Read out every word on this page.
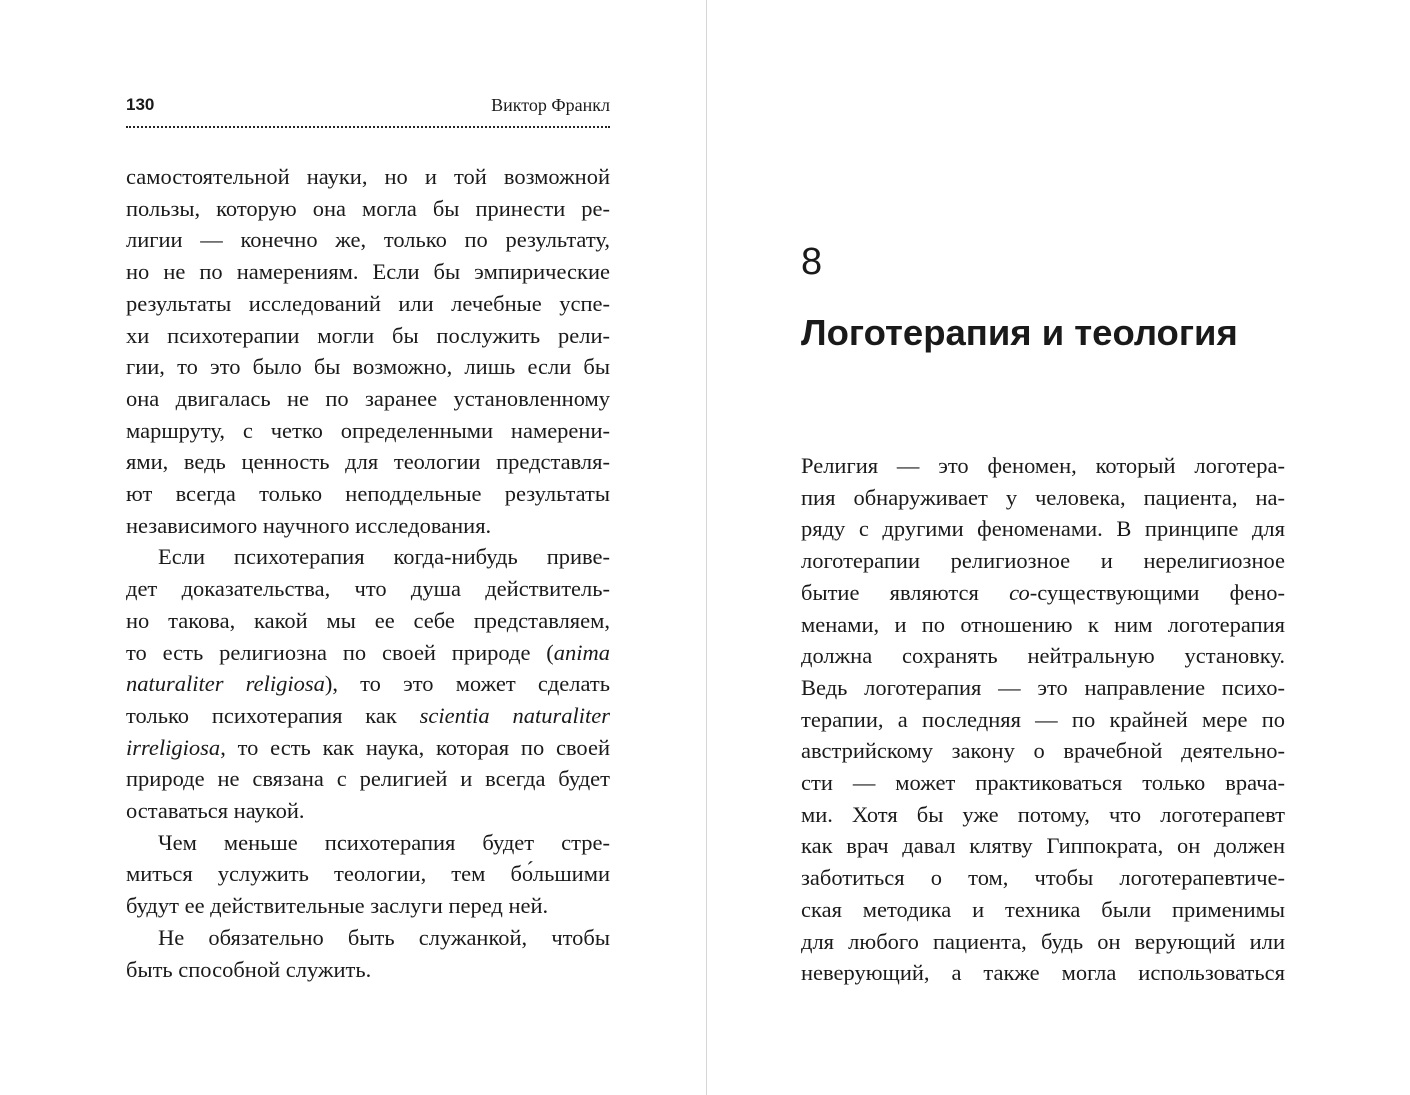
130	Виктор Франкл
самостоятельной науки, но и той возможной
пользы, которую она могла бы принести ре-
лигии — конечно же, только по результату,
но не по намерениям. Если бы эмпирические
результаты исследований или лечебные успе-
хи психотерапии могли бы послужить рели-
гии, то это было бы возможно, лишь если бы
она двигалась не по заранее установленному
маршруту, с четко определенными намерени-
ями, ведь ценность для теологии представля-
ют всегда только неподдельные результаты
независимого научного исследования.
Если психотерапия когда-нибудь приве-
дет доказательства, что душа действитель-
но такова, какой мы ее себе представляем,
то есть религиозна по своей природе (anima
naturaliter religiosa), то это может сделать
только психотерапия как scientia naturaliter
irreligiosa, то есть как наука, которая по своей
природе не связана с религией и всегда будет
оставаться наукой.
Чем меньше психотерапия будет стре-
миться услужить теологии, тем бо́льшими
будут ее действительные заслуги перед ней.
Не обязательно быть служанкой, чтобы
быть способной служить.
8
Логотерапия и теология
Религия — это феномен, который логотера-
пия обнаруживает у человека, пациента, на-
ряду с другими феноменами. В принципе для
логотерапии религиозное и нерелигиозное
бытие являются со-существующими фено-
менами, и по отношению к ним логотерапия
должна сохранять нейтральную установку.
Ведь логотерапия — это направление психо-
терапии, а последняя — по крайней мере по
австрийскому закону о врачебной деятельно-
сти — может практиковаться только врача-
ми. Хотя бы уже потому, что логотерапевт
как врач давал клятву Гиппократа, он должен
заботиться о том, чтобы логотерапевтиче-
ская методика и техника были применимы
для любого пациента, будь он верующий или
неверующий, а также могла использоваться
